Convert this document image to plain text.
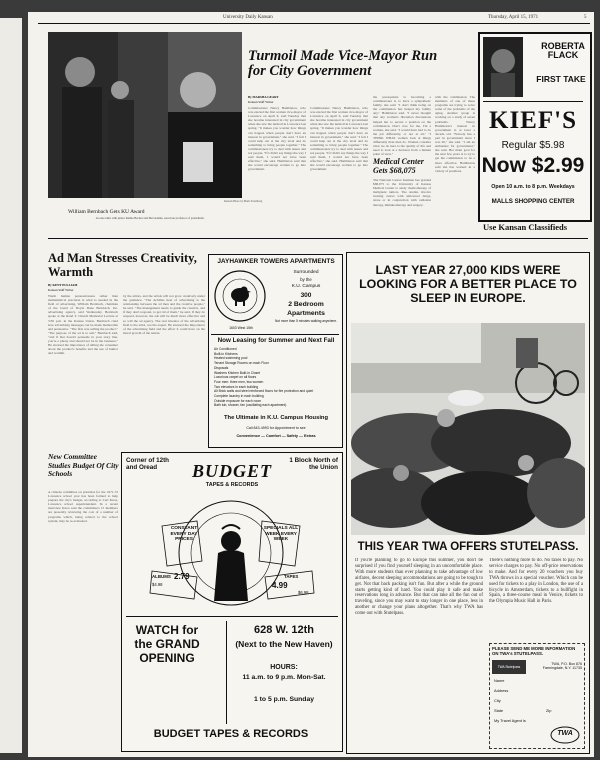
University Daily Kansan	Thursday, April 15, 1971	5
Kansan Photo by Mark Stromberg
William Bernbach Gets KU Award
At ease talks with junior Ramie Becker and Mel Adams, associate professor of journalism.
Turmoil Made Vice-Mayor Run for City Government
By MARSHA GEARY
Kansan Staff Writer
Commissioner Nancy Hambleton, who was elected the first woman vice-mayor of Lawrence on April 6, said Tuesday that she became interested in city government when she saw the turmoil in Lawrence last spring. "It makes you wonder how things can happen when people don't have an interest in government," she said. "I felt I could help out at the city level and do something to bring people together." The commissioners try to deal with issues and not people. "If I didn't say things the way I said them, I would not have been effective," she said. Hambleton said that she would encourage women to go into government.
Commissioner Nancy Hambleton, who was elected the first woman vice-mayor of Lawrence on April 6, said Tuesday that she became interested in city government when she saw the turmoil in Lawrence last spring. "It makes you wonder how things can happen when people don't have an interest in government," she said. "I felt I could help out at the city level and do something to bring people together." The commissioners try to deal with issues and not people. "If I didn't say things the way I said them, I would not have been effective," she said. Hambleton said that she would encourage women to go into government.
the prerequisite is becoming a commissioner is to have a sympathetic family, she said. "I don't think being on the commission has helped my family any," Hambleton said. "I never thought that any woman's liberation discussions helped her to secure a position on the commission. Don't vote for me, I'm a woman, she said. "I would have had to do the job differently, or not at all." "I THINK WHAT women look at things differently than men do. Women consider what we do here is the quality of life and need to look at a decision from a human point of view."
Medical Center Gets $68,075
The National Cancer Institute has granted $68,075 to the University of Kansas Medical Center to study chemotherapy of malignant tumors. The studies involve treating cancer with anticancer drugs, alone or in conjunction with radiation therapy, immunotherapy and surgery.
with the commission. The members of one of these programs are trying to solve some of the problems of the aging. Another group is working on a study of seven problems. Nancy Hambleton's interest in government is at least a decade old. "Nobody has a part in government since I was 20," she said. "I am an enthusiast for government," she said. Her main goal for the next few years is to try to get the commission to be a more effective. Hambleton said she has worked in a variety of positions.
ROBERTA FLACK
FIRST TAKE
KIEF'S
Regular $5.98
Now $2.99
Open 10 a.m. to 8 p.m. Weekdays
MALLS SHOPPING CENTER
Use Kansan Classifieds
Ad Man Stresses Creativity, Warmth
By KENT PULLIAM
Kansan Staff Writer
Warm human persuasiveness rather than mathematical precision is what is needed in the field of advertising, William Bernbach, chairman of the board of Doyle Dane Bernbach, Inc. advertising agency, said Wednesday. Bernbach spoke at the Rand T. Church Memorial Lecture at 3:30 p.m. in the Kansas Union. Bernbach cited how advertising messages can be made memorable and persuasive. "The first was selling the product." "The purpose of the ad is to sell," Bernbach said, "and if that doesn't persuade in your story line, you're a phony and should not be in the business." He stressed the importance of telling the consumer about the product's benefits and the use of humor and warmth.
by the artists, and the artists will not grow creatively under the guidance. "The Achilles heel of advertising is the relationship between the ad men and the creative people," he said. "The management needs to guide the creative, and if they don't respond, to get rid of them," he said. If they do respond, however, the ads will be much more effective and so will the ad agency. The real inventor of the advertising field is the artist, not the expert. He stressed the importance of the advertising field and the effort it could have on the moral growth of the nation.
New Committee Studies Budget Of City Schools
A citizens committee on priorities for the 1971-72 Lawrence school year has been formed to help prepare the city's budget, according to Carl Knox, Lawrence school superintendent. In a recent interview Knox said the committee's 15 members are presently reviewing the cost of a number of programs which, being related to the school system, may be re-evaluated.
JAYHAWKER TOWERS APARTMENTS
1603 West 15th
Surrounded
by the
K.U. Campus
300
2 Bedroom
Apartments
Not more than 5 minutes walking anywhere.
Now Leasing for Summer and Next Fall
Air Conditioned
Built-in Kitchens
Heated swimming pool
Tenant Storage Rooms on each Floor
Disposals
Washers Kitchen Built-in Closet
Luxurious carpet on all floors
Four men: three men, two women
Two elevators in each building
All Brick walls and steel reinforced floors for fire protection and quiet
Complete laundry in each building
Outside exposure for each room
Bath tub, shower, fan (oscillating each apartment)
The Ultimate in K.U. Campus Housing
Call 843-4993 for Appointment to see
Convenience — Comfort — Safety — Extras
Corner of 12th and Oread
1 Block North of the Union
BUDGET
TAPES & RECORDS
CONSTANT EVERY DAY PRICES
SPECIALS ALL WEEK EVERY WEEK
ALBUMS 2.79
$4.98
TAPES
4.99
$6.98
WATCH for the GRAND OPENING
628 W. 12th
(Next to the New Haven)
HOURS:
11 a.m. to 9 p.m. Mon-Sat.
1 to 5 p.m. Sunday
BUDGET TAPES & RECORDS
LAST YEAR 27,000 KIDS WERE LOOKING FOR A BETTER PLACE TO SLEEP IN EUROPE.
THIS YEAR TWA OFFERS STUTELPASS.
If you're planning to go to Europe this summer, you don't be surprised if you find yourself sleeping in an uncomfortable place. With more students than ever planning to take advantage of low airfares, decent sleeping accommodations are going to be tough to get. Not that back packing isn't fun. But after a while the ground starts getting kind of hard. You could play it safe and make reservations long in advance. But that can take all the fun out of traveling, since you may want to stay longer in one place, less in another or change your plans altogether. That's why TWA has come out with Stutelpass.
There's nothing more to do. No taxes to pay. No service charges to pay. No off-price reservations to make. And for every 20 vouchers you buy TWA throws in a special voucher. Which can be used for tickets to a play in London, the use of a bicycle in Amsterdam, tickets to a bullfight in Spain, a three-course meal in Venice, tickets to the Olympia Music Hall in Paris.
PLEASE SEND ME MORE INFORMATION ON TWA's STUTELPASS.
TWA Stutelpass
TWA, P.O. Box 876 Farmingdale, N.Y. 11735
Name
Address
City
State	Zip
My Travel Agent is
TWA
